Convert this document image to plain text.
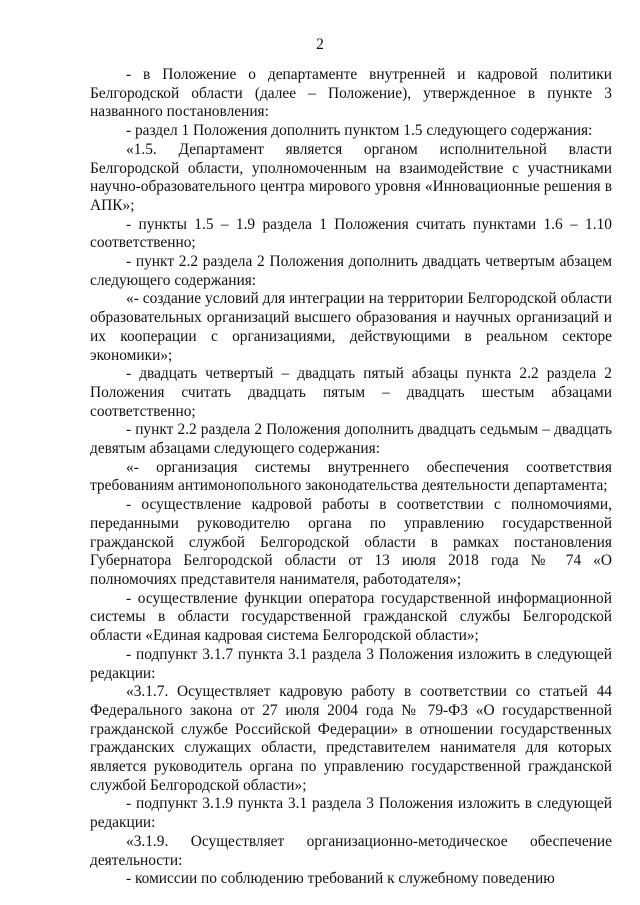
2

- в Положение о департаменте внутренней и кадровой политики Белгородской области (далее – Положение), утвержденное в пункте 3 названного постановления:

- раздел 1 Положения дополнить пунктом 1.5 следующего содержания:

«1.5. Департамент является органом исполнительной власти Белгородской области, уполномоченным на взаимодействие с участниками научно-образовательного центра мирового уровня «Инновационные решения в АПК»;

- пункты 1.5 – 1.9 раздела 1 Положения считать пунктами 1.6 – 1.10 соответственно;

- пункт 2.2 раздела 2 Положения дополнить двадцать четвертым абзацем следующего содержания:

«- создание условий для интеграции на территории Белгородской области образовательных организаций высшего образования и научных организаций и их кооперации с организациями, действующими в реальном секторе экономики»;

- двадцать четвертый – двадцать пятый абзацы пункта 2.2 раздела 2 Положения считать двадцать пятым – двадцать шестым абзацами соответственно;

- пункт 2.2 раздела 2 Положения дополнить двадцать седьмым – двадцать девятым абзацами следующего содержания:

«- организация системы внутреннего обеспечения соответствия требованиям антимонопольного законодательства деятельности департамента;

- осуществление кадровой работы в соответствии с полномочиями, переданными руководителю органа по управлению государственной гражданской службой Белгородской области в рамках постановления Губернатора Белгородской области от 13 июля 2018 года № 74 «О полномочиях представителя нанимателя, работодателя»;

- осуществление функции оператора государственной информационной системы в области государственной гражданской службы Белгородской области «Единая кадровая система Белгородской области»;

- подпункт 3.1.7 пункта 3.1 раздела 3 Положения изложить в следующей редакции:

«3.1.7. Осуществляет кадровую работу в соответствии со статьей 44 Федерального закона от 27 июля 2004 года № 79-ФЗ «О государственной гражданской службе Российской Федерации» в отношении государственных гражданских служащих области, представителем нанимателя для которых является руководитель органа по управлению государственной гражданской службой Белгородской области»;

- подпункт 3.1.9 пункта 3.1 раздела 3 Положения изложить в следующей редакции:

«3.1.9. Осуществляет организационно-методическое обеспечение деятельности:

- комиссии по соблюдению требований к служебному поведению
